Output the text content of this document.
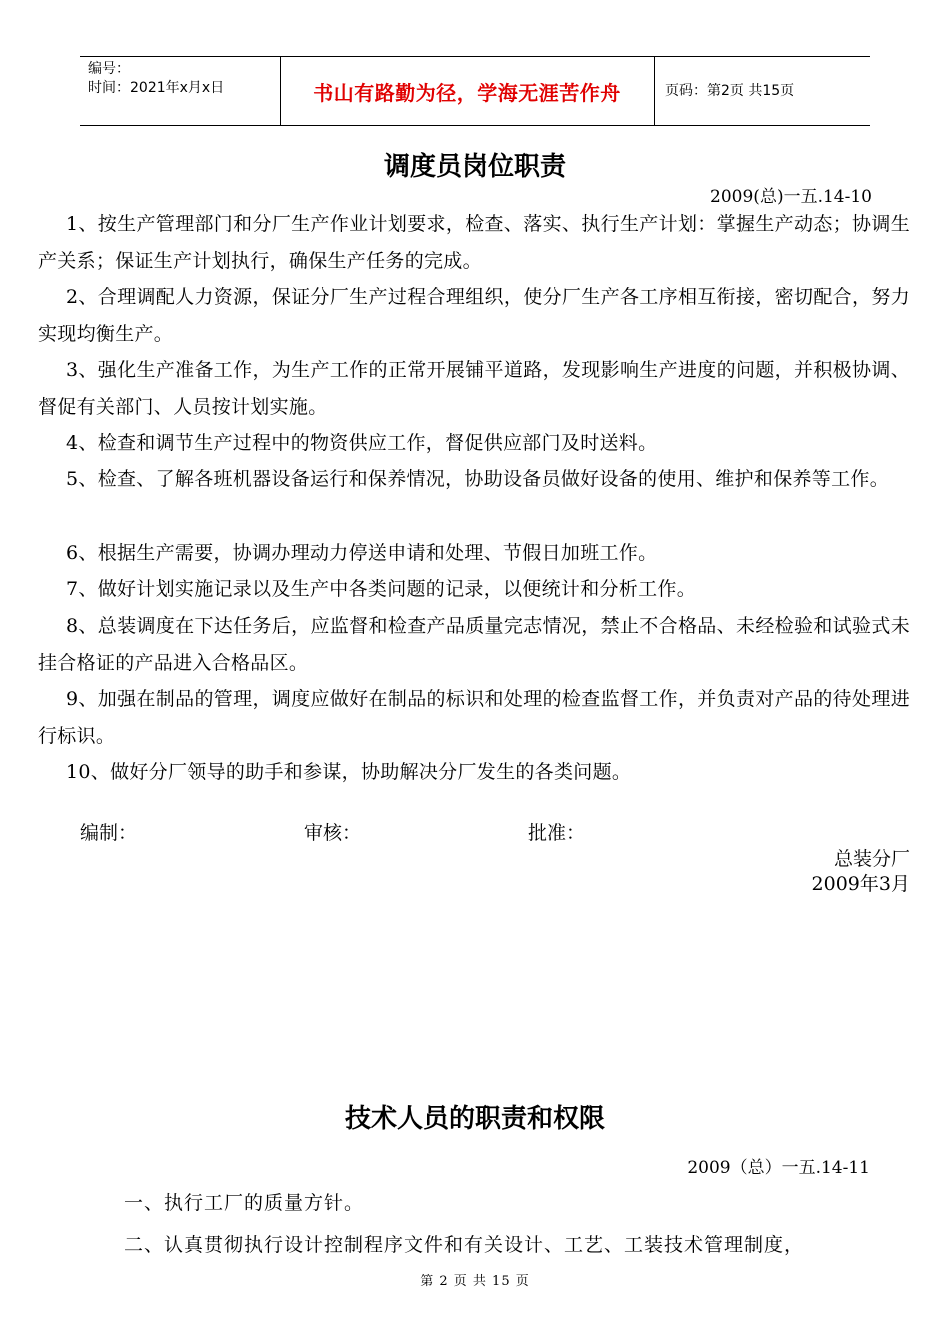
编号：
时间：2021年x月x日	书山有路勤为径，学海无涯苦作舟	页码：第2页 共15页
调度员岗位职责
2009(总)一五.14-10
1、按生产管理部门和分厂生产作业计划要求，检查、落实、执行生产计划：掌握生产动态；协调生产关系；保证生产计划执行，确保生产任务的完成。
2、合理调配人力资源，保证分厂生产过程合理组织，使分厂生产各工序相互衔接，密切配合，努力实现均衡生产。
3、强化生产准备工作，为生产工作的正常开展铺平道路，发现影响生产进度的问题，并积极协调、督促有关部门、人员按计划实施。
4、检查和调节生产过程中的物资供应工作，督促供应部门及时送料。
5、检查、了解各班机器设备运行和保养情况，协助设备员做好设备的使用、维护和保养等工作。
6、根据生产需要，协调办理动力停送申请和处理、节假日加班工作。
7、做好计划实施记录以及生产中各类问题的记录，以便统计和分析工作。
8、总装调度在下达任务后，应监督和检查产品质量完志情况，禁止不合格品、未经检验和试验式未挂合格证的产品进入合格品区。
9、加强在制品的管理，调度应做好在制品的标识和处理的检查监督工作，并负责对产品的待处理进行标识。
10、做好分厂领导的助手和参谋，协助解决分厂发生的各类问题。
编制：	审核：	批准：
总装分厂
2009年3月
技术人员的职责和权限
2009（总）一五.14-11
一、执行工厂的质量方针。
二、认真贯彻执行设计控制程序文件和有关设计、工艺、工装技术管理制度，
第 2 页 共 15 页
